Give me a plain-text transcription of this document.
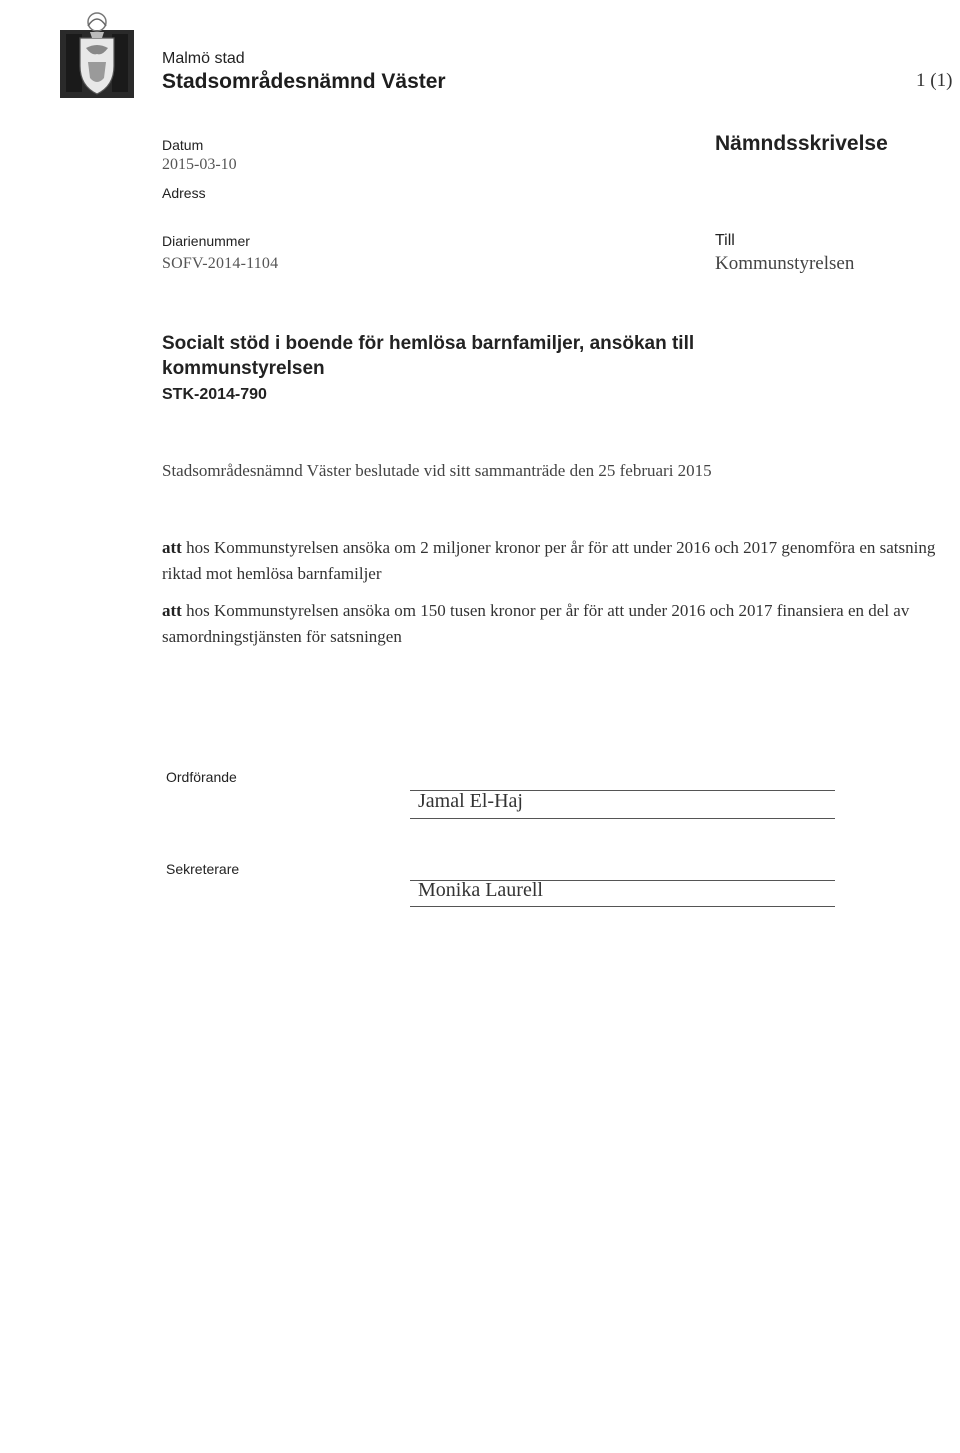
Malmö stad
Stadsområdesnämnd Väster	1 (1)
Datum
2015-03-10
Adress
Diarienummer
SOFV-2014-1104
Nämndsskrivelse
Till
Kommunstyrelsen
Socialt stöd i boende för hemlösa barnfamiljer, ansökan till kommunstyrelsen
STK-2014-790
Stadsområdesnämnd Väster beslutade vid sitt sammanträde den 25 februari 2015
att hos Kommunstyrelsen ansöka om 2 miljoner kronor per år för att under 2016 och 2017 genomföra en satsning riktad mot hemlösa barnfamiljer
att hos Kommunstyrelsen ansöka om 150 tusen kronor per år för att under 2016 och 2017 finansiera en del av samordningstjänsten för satsningen
Ordförande
Jamal El-Haj
Sekreterare
Monika Laurell
